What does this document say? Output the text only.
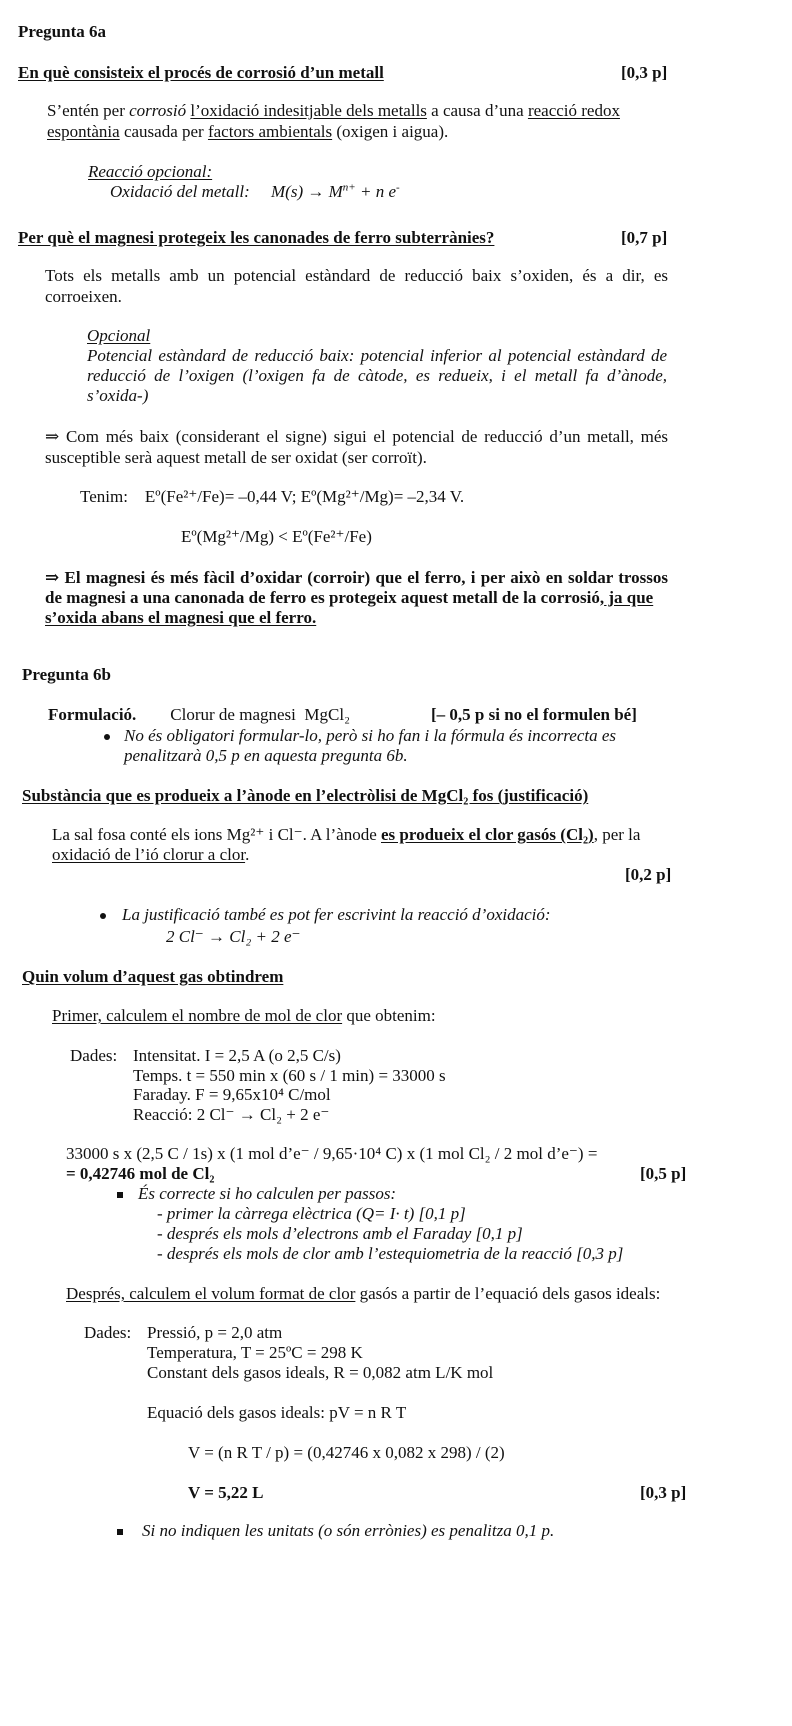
Pregunta 6a
En què consisteix el procés de corrosió d’un metall	[0,3 p]
S’entén per corrosió l’oxidació indesitjable dels metalls a causa d’una reacció redox
espontània causada per factors ambientals (oxigen i aigua).
Reacció opcional:
Oxidació del metall: $M(s) \to M^{n+} + n$ e-
Per què el magnesi protegeix les canonades de ferro subterrànies?	[0,7 p]
Tots els metalls amb un potencial estàndard de reducció baix s’oxiden, és a dir, es
corroeixen.
Opcional
Potencial estàndard de reducció baix: potencial inferior al potencial estàndard de
reducció de l’oxigen (l’oxigen fa de càtode, es redueix, i el metall fa d’ànode,
s’oxida-)
⇒ Com més baix (considerant el signe) sigui el potencial de reducció d’un metall, més
susceptible serà aquest metall de ser oxidat (ser corroït).
Tenim: Eº(Fe²⁺/Fe)= –0,44 V; Eº(Mg²⁺/Mg)= –2,34 V.
Eº(Mg²⁺/Mg) < Eº(Fe²⁺/Fe)
⇒ El magnesi és més fàcil d’oxidar (corroir) que el ferro, i per això en soldar trossos
de magnesi a una canonada de ferro es protegeix aquest metall de la corrosió, ja que
s’oxida abans el magnesi que el ferro.
Pregunta 6b
Formulació. Clorur de magnesi MgCl₂	[– 0,5 p si no el formulen bé]
No és obligatori formular-lo, però si ho fan i la fórmula és incorrecta es
penalitzarà 0,5 p en aquesta pregunta 6b.
Substància que es produeix a l’ànode en l’electròlisi de MgCl₂ fos (justificació)
La sal fosa conté els ions Mg²⁺ i Cl⁻. A l’ànode es produeix el clor gasós (Cl₂), per la
oxidació de l’ió clorur a clor.
[0,2 p]
La justificació també es pot fer escrivint la reacció d’oxidació:
2 Cl⁻ → Cl₂ + 2 e⁻
Quin volum d’aquest gas obtindrem
Primer, calculem el nombre de mol de clor que obtenim:
Dades: Intensitat. I = 2,5 A (o 2,5 C/s)
Temps. t = 550 min x (60 s / 1 min) = 33000 s
Faraday. F = 9,65x10⁴ C/mol
Reacció: 2 Cl⁻ → Cl₂ + 2 e⁻
33000 s x (2,5 C / 1s) x (1 mol d’e⁻ / 9,65·10⁴ C) x (1 mol Cl₂ / 2 mol d’e⁻) =
= 0,42746 mol de Cl₂	[0,5 p]
És correcte si ho calculen per passos:
- primer la càrrega elèctrica (Q= I· t) [0,1 p]
- després els mols d’electrons amb el Faraday [0,1 p]
- després els mols de clor amb l’estequiometria de la reacció [0,3 p]
Després, calculem el volum format de clor gasós a partir de l’equació dels gasos ideals:
Dades: Pressió, p = 2,0 atm
Temperatura, T = 25ºC = 298 K
Constant dels gasos ideals, R = 0,082 atm L/K mol
Equació dels gasos ideals: pV = n R T
V = (n R T / p) = (0,42746 x 0,082 x 298) / (2)
V = 5,22 L	[0,3 p]
Si no indiquen les unitats (o són errònies) es penalitza 0,1 p.
